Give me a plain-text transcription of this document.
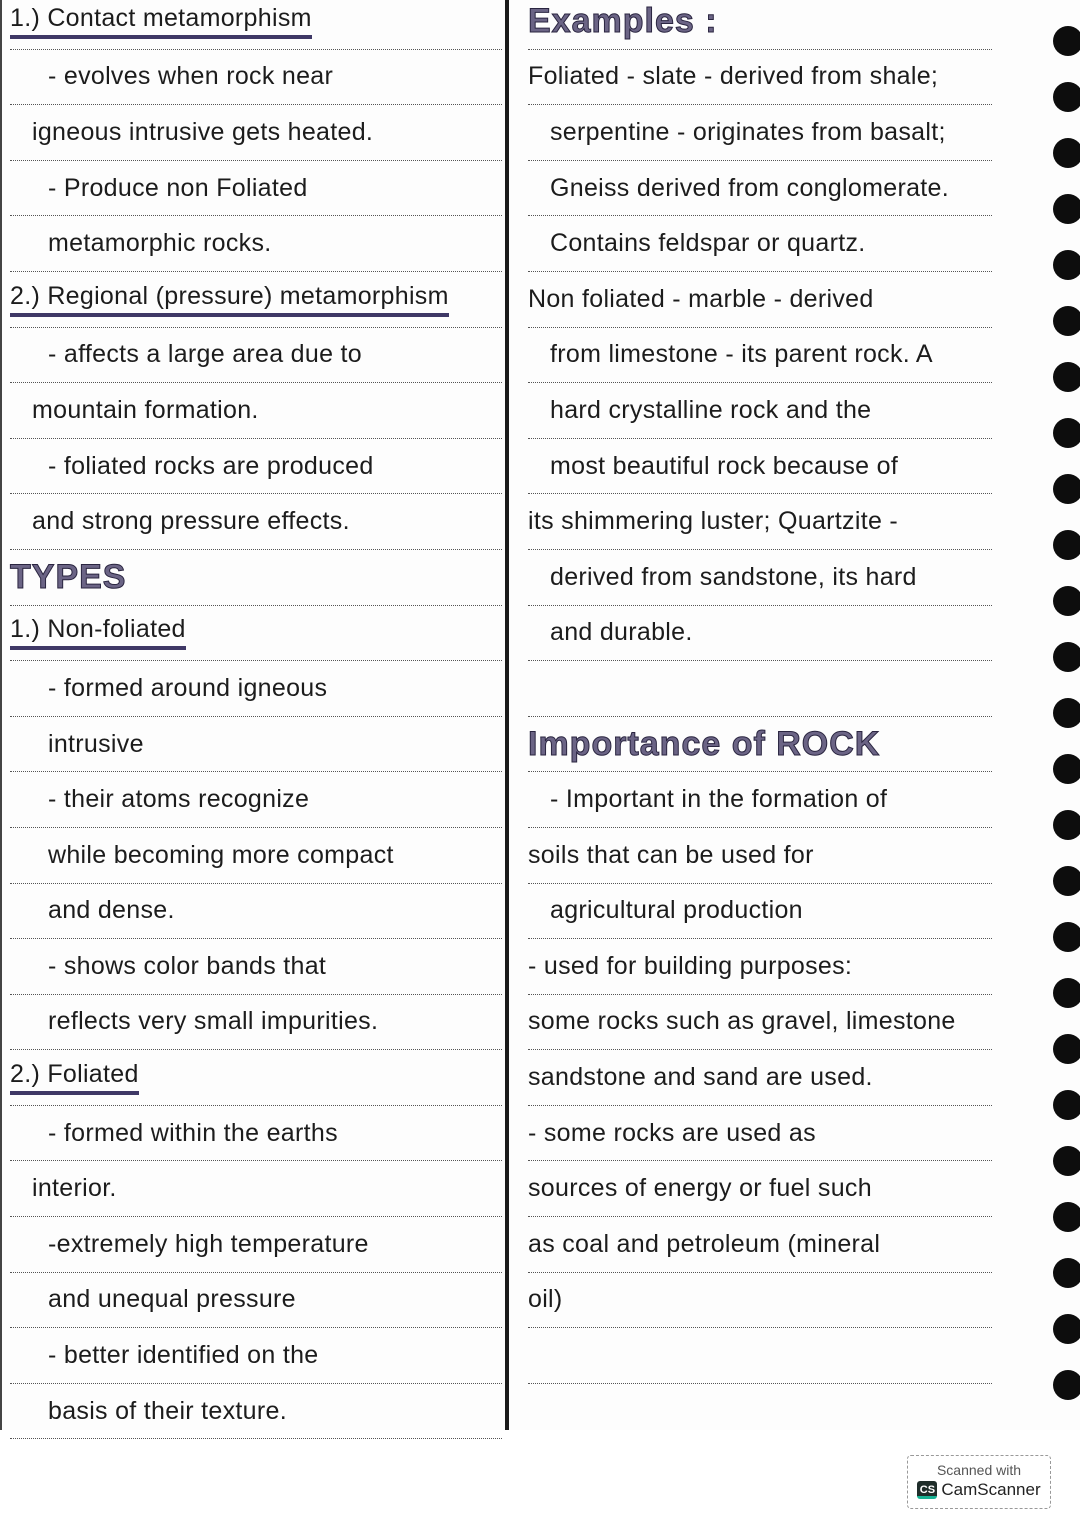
1.) Contact metamorphism
- evolves when rock near
igneous intrusive gets heated.
- Produce non Foliated
metamorphic rocks.
2.) Regional (pressure) metamorphism
- affects a large area due to
mountain formation.
- foliated rocks are produced
and strong pressure effects.
TYPES
1.) Non-foliated
- formed around igneous
intrusive
- their atoms recognize
while becoming more compact
and dense.
- shows color bands that
reflects very small impurities.
2.) Foliated
- formed within the earths
interior.
-extremely high temperature
and unequal pressure
- better identified on the
basis of their texture.
Examples :
Foliated - slate - derived from shale;
serpentine - originates from basalt;
Gneiss derived from conglomerate.
Contains feldspar or quartz.
Non foliated - marble - derived
from limestone - its parent rock. A
hard crystalline rock and the
most beautiful rock because of
its shimmering luster; Quartzite -
derived from sandstone, its hard
and durable.
Importance of ROCK
- Important in the formation of
soils that can be used for
agricultural production
- used for building purposes:
some rocks such as gravel, limestone
sandstone and sand are used.
- some rocks are used as
sources of energy or fuel such
as coal and petroleum (mineral
oil)
Scanned with
CS CamScanner
